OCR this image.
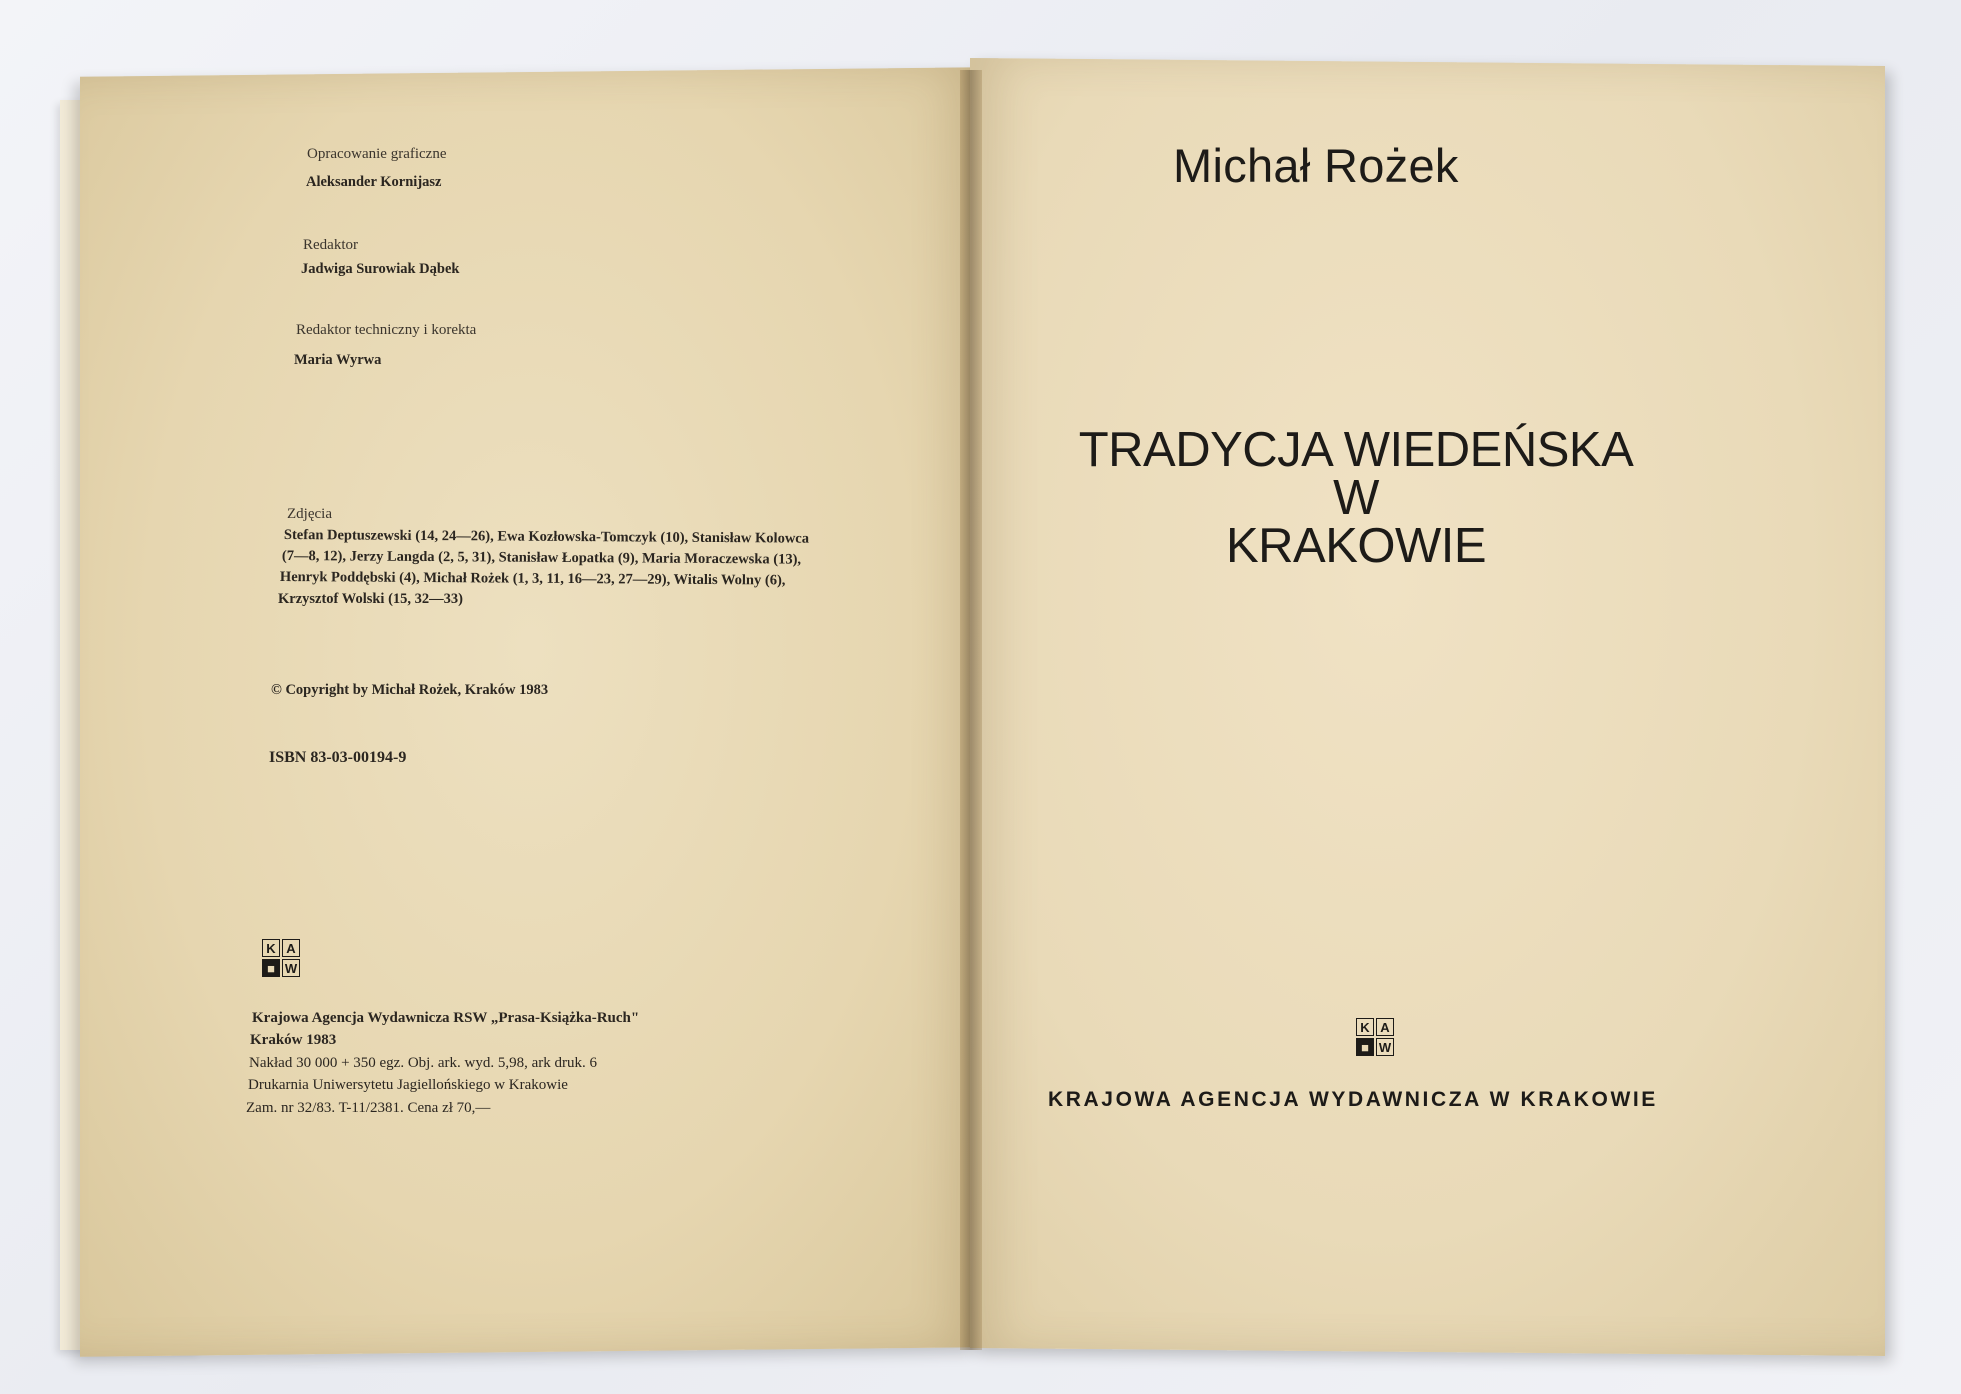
Opracowanie graficzne
Aleksander Kornijasz
Redaktor
Jadwiga Surowiak Dąbek
Redaktor techniczny i korekta
Maria Wyrwa
Zdjęcia
Stefan Deptuszewski (14, 24—26), Ewa Kozłowska-Tomczyk (10), Stanisław Kolowca
(7—8, 12), Jerzy Langda (2, 5, 31), Stanisław Łopatka (9), Maria Moraczewska (13),
Henryk Poddębski (4), Michał Rożek (1, 3, 11, 16—23, 27—29), Witalis Wolny (6),
Krzysztof Wolski (15, 32—33)
© Copyright by Michał Rożek, Kraków 1983
ISBN 83-03-00194-9
K A
■ W
Krajowa Agencja Wydawnicza RSW „Prasa-Książka-Ruch"
Kraków 1983
Nakład 30 000 + 350 egz. Obj. ark. wyd. 5,98, ark druk. 6
Drukarnia Uniwersytetu Jagiellońskiego w Krakowie
Zam. nr 32/83. T-11/2381. Cena zł 70,—
Michał Rożek
TRADYCJA WIEDEŃSKA
W
KRAKOWIE
K A
■ W
KRAJOWA AGENCJA WYDAWNICZA W KRAKOWIE
